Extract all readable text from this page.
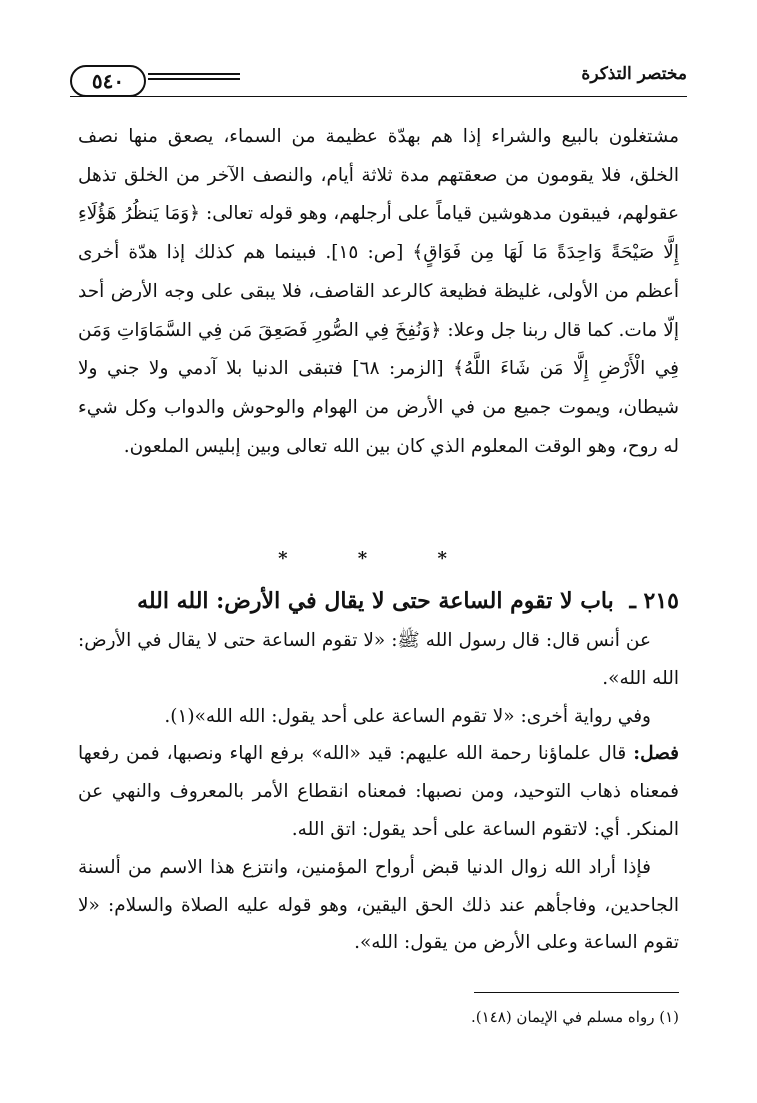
مختصر التذكرة
٥٤٠

مشتغلون بالبيع والشراء إذا هم بهدّة عظيمة من السماء، يصعق منها نصف الخلق، فلا يقومون من صعقتهم مدة ثلاثة أيام، والنصف الآخر من الخلق تذهل عقولهم، فيبقون مدهوشين قياماً على أرجلهم، وهو قوله تعالى: ﴿وَمَا يَنظُرُ هَؤُلَاءِ إِلَّا صَيْحَةً وَاحِدَةً مَا لَهَا مِن فَوَاقٍ﴾ [ص: ١٥]. فبينما هم كذلك إذا هدّة أخرى أعظم من الأولى، غليظة فظيعة كالرعد القاصف، فلا يبقى على وجه الأرض أحد إلّا مات. كما قال ربنا جل وعلا: ﴿وَنُفِخَ فِي الصُّورِ فَصَعِقَ مَن فِي السَّمَاوَاتِ وَمَن فِي الْأَرْضِ إِلَّا مَن شَاءَ اللَّهُ﴾ [الزمر: ٦٨] فتبقى الدنيا بلا آدمي ولا جني ولا شيطان، ويموت جميع من في الأرض من الهوام والوحوش والدواب وكل شيء له روح، وهو الوقت المعلوم الذي كان بين الله تعالى وبين إبليس الملعون.

* * *
٢١٥ ـ باب لا تقوم الساعة حتى لا يقال في الأرض: الله الله

عن أنس قال: قال رسول الله ﷺ: «لا تقوم الساعة حتى لا يقال في الأرض: الله الله».

وفي رواية أخرى: «لا تقوم الساعة على أحد يقول: الله الله»(١).

فصل: قال علماؤنا رحمة الله عليهم: قيد «الله» برفع الهاء ونصبها، فمن رفعها فمعناه ذهاب التوحيد، ومن نصبها: فمعناه انقطاع الأمر بالمعروف والنهي عن المنكر. أي: لاتقوم الساعة على أحد يقول: اتق الله.

فإذا أراد الله زوال الدنيا قبض أرواح المؤمنين، وانتزع هذا الاسم من ألسنة الجاحدين، وفاجأهم عند ذلك الحق اليقين، وهو قوله عليه الصلاة والسلام: «لا تقوم الساعة وعلى الأرض من يقول: الله».

(١) رواه مسلم في الإيمان (١٤٨).
